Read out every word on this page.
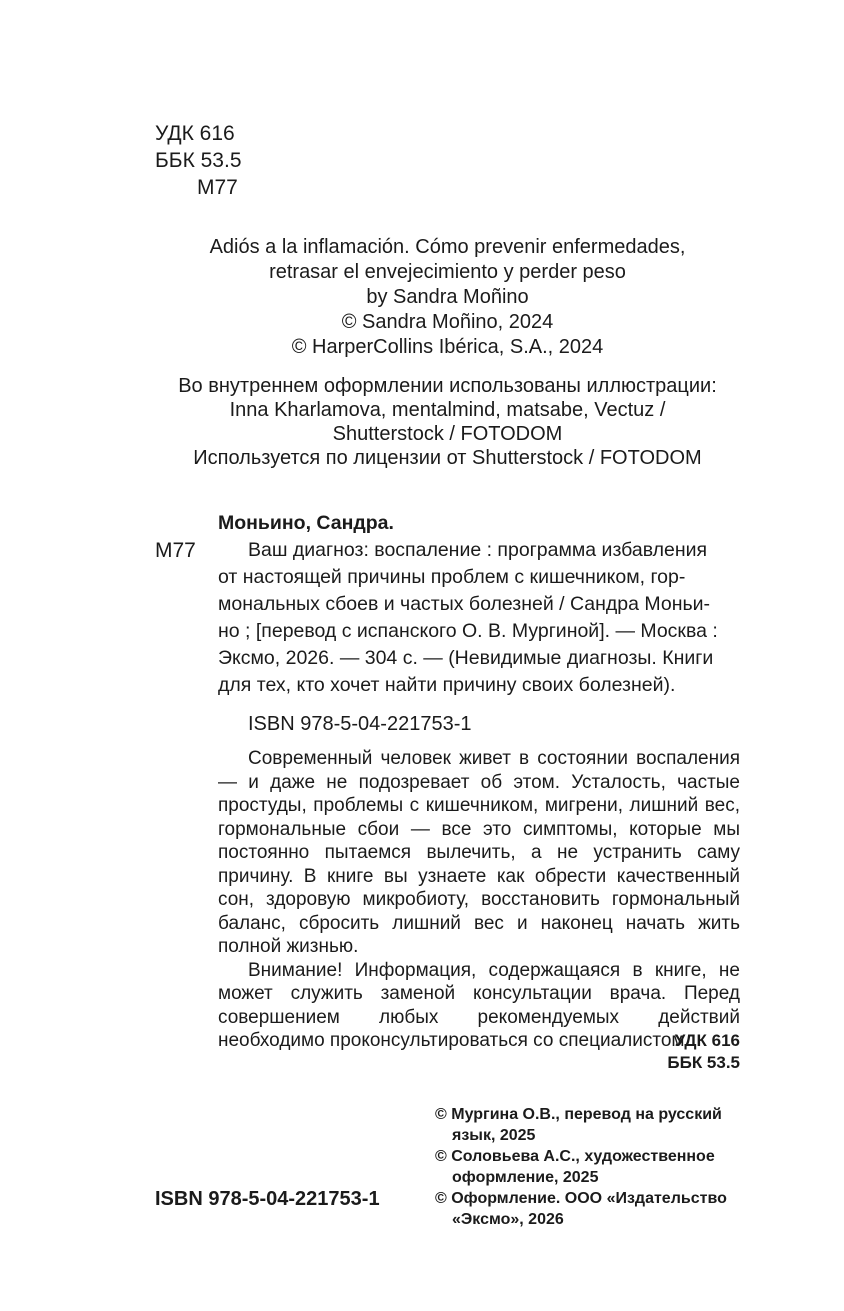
УДК 616
ББК 53.5
М77
Adiós a la inflamación. Cómo prevenir enfermedades,
retrasar el envejecimiento y perder peso
by Sandra Moñino
© Sandra Moñino, 2024
© HarperCollins Ibérica, S.A., 2024
Во внутреннем оформлении использованы иллюстрации:
Inna Kharlamova, mentalmind, matsabe, Vectuz /
Shutterstock / FOTODOM
Используется по лицензии от Shutterstock / FOTODOM
Моньино, Сандра.
М77	Ваш диагноз: воспаление : программа избавления
от настоящей причины проблем с кишечником, гор-
мональных сбоев и частых болезней / Сандра Моньи-
но ; [перевод с испанского О. В. Мургиной]. — Москва :
Эксмо, 2026. — 304 с. — (Невидимые диагнозы. Книги
для тех, кто хочет найти причину своих болезней).
ISBN 978-5-04-221753-1

Современный человек живет в состоянии воспаления — и даже не подозревает об этом. Усталость, частые простуды, проблемы с кишечником, мигрени, лишний вес, гормональные сбои — все это симптомы, которые мы постоянно пытаемся вылечить, а не устранить саму причину. В книге вы узнаете как обрести качественный сон, здоровую микробиоту, восстановить гормональный баланс, сбросить лишний вес и наконец начать жить полной жизнью.

Внимание! Информация, содержащаяся в книге, не может служить заменой консультации врача. Перед совершением любых рекомендуемых действий необходимо проконсультироваться со специалистом.

УДК 616
ББК 53.5
© Мургина О.В., перевод на русский язык, 2025
© Соловьева А.С., художественное оформление, 2025
© Оформление. ООО «Издательство «Эксмо», 2026
ISBN 978-5-04-221753-1
